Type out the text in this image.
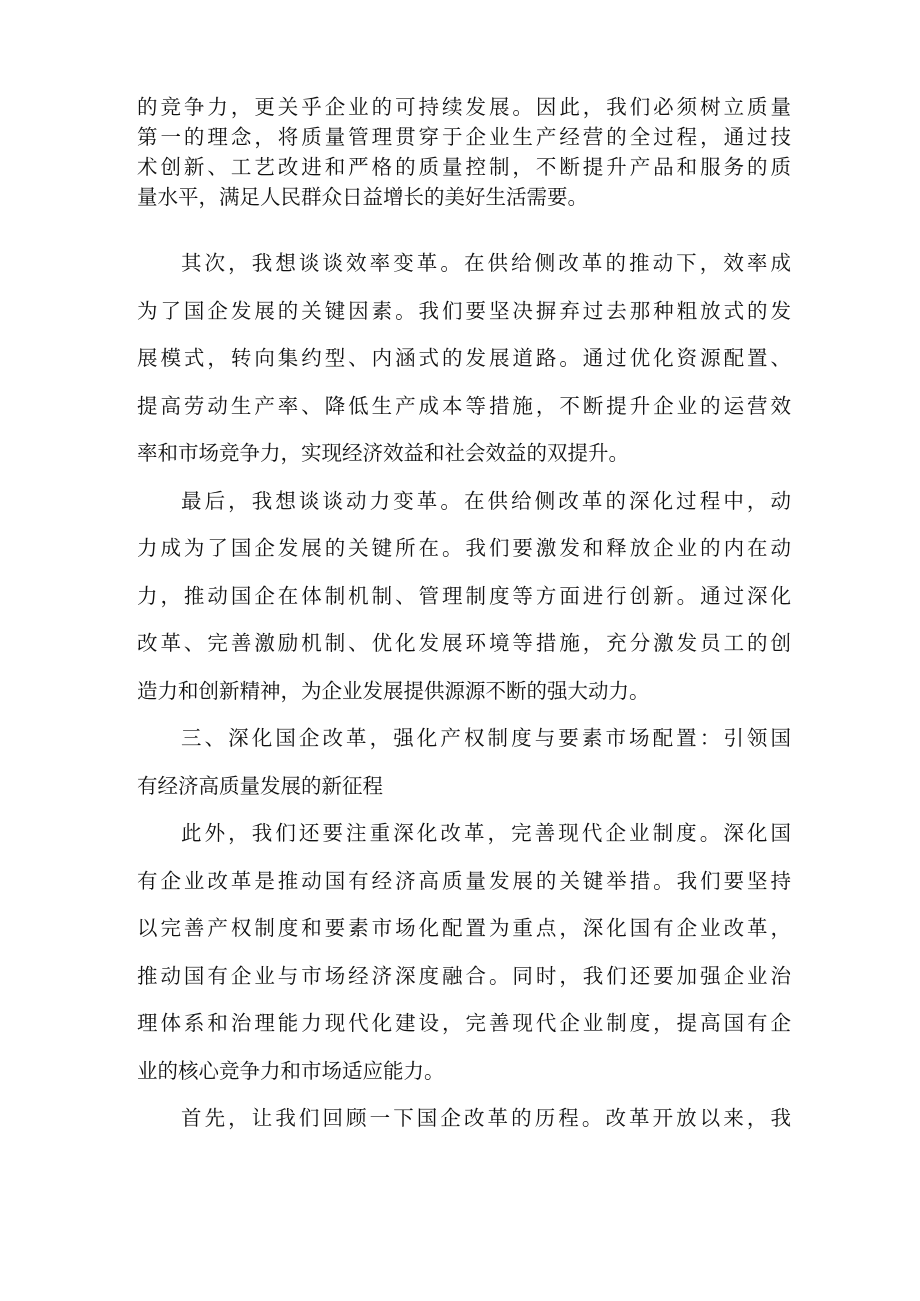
的竞争力，更关乎企业的可持续发展。因此，我们必须树立质量
第一的理念，将质量管理贯穿于企业生产经营的全过程，通过技
术创新、工艺改进和严格的质量控制，不断提升产品和服务的质
量水平，满足人民群众日益增长的美好生活需要。
其次，我想谈谈效率变革。在供给侧改革的推动下，效率成
为了国企发展的关键因素。我们要坚决摒弃过去那种粗放式的发
展模式，转向集约型、内涵式的发展道路。通过优化资源配置、
提高劳动生产率、降低生产成本等措施，不断提升企业的运营效
率和市场竞争力，实现经济效益和社会效益的双提升。
最后，我想谈谈动力变革。在供给侧改革的深化过程中，动
力成为了国企发展的关键所在。我们要激发和释放企业的内在动
力，推动国企在体制机制、管理制度等方面进行创新。通过深化
改革、完善激励机制、优化发展环境等措施，充分激发员工的创
造力和创新精神，为企业发展提供源源不断的强大动力。
三、深化国企改革，强化产权制度与要素市场配置：引领国
有经济高质量发展的新征程
此外，我们还要注重深化改革，完善现代企业制度。深化国
有企业改革是推动国有经济高质量发展的关键举措。我们要坚持
以完善产权制度和要素市场化配置为重点，深化国有企业改革，
推动国有企业与市场经济深度融合。同时，我们还要加强企业治
理体系和治理能力现代化建设，完善现代企业制度，提高国有企
业的核心竞争力和市场适应能力。
首先，让我们回顾一下国企改革的历程。改革开放以来，我
